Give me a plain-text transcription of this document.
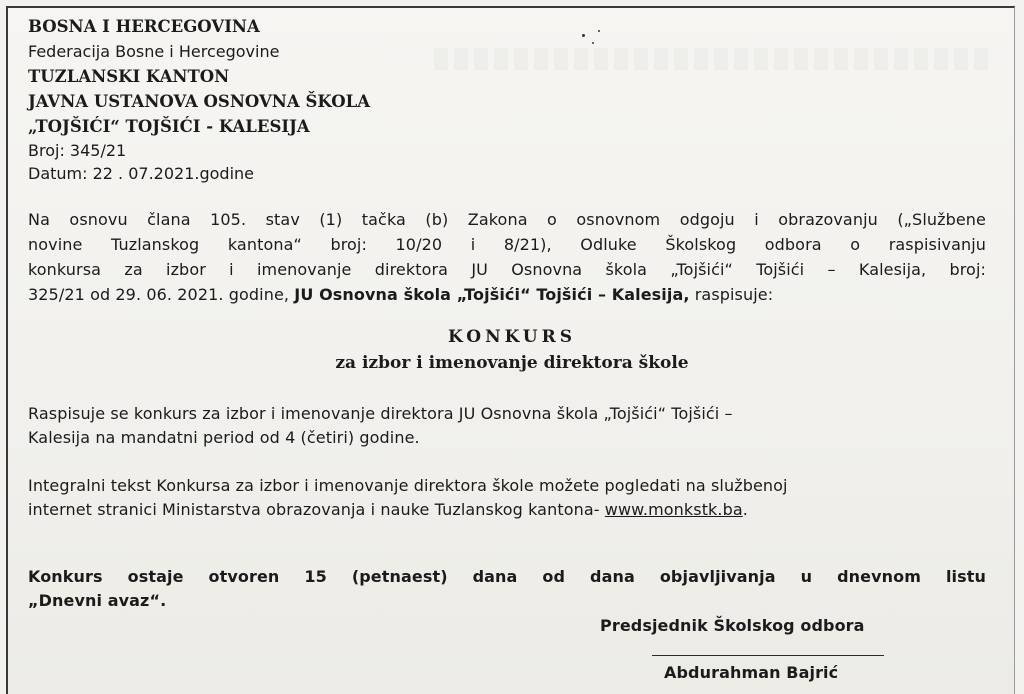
BOSNA I HERCEGOVINA
Federacija Bosne i Hercegovine
TUZLANSKI KANTON
JAVNA USTANOVA OSNOVNA ŠKOLA
„TOJŠIĆI“ TOJŠIĆI - KALESIJA
Broj: 345/21
Datum: 22 . 07.2021.godine
Na osnovu člana 105. stav (1) tačka (b) Zakona o osnovnom odgoju i obrazovanju („Službene
novine Tuzlanskog kantona“ broj: 10/20 i 8/21), Odluke Školskog odbora o raspisivanju
konkursa za izbor i imenovanje direktora JU Osnovna škola „Tojšići“ Tojšići – Kalesija, broj:
325/21 od 29. 06. 2021. godine, JU Osnovna škola „Tojšići“ Tojšići – Kalesija, raspisuje:
KONKURS
za izbor i imenovanje direktora škole
Raspisuje se konkurs za izbor i imenovanje direktora JU Osnovna škola „Tojšići“ Tojšići –
Kalesija na mandatni period od 4 (četiri) godine.
Integralni tekst Konkursa za izbor i imenovanje direktora škole možete pogledati na službenoj
internet stranici Ministarstva obrazovanja i nauke Tuzlanskog kantona- www.monkstk.ba.
Konkurs ostaje otvoren 15 (petnaest) dana od dana objavljivanja u dnevnom listu
„Dnevni avaz“.
Predsjednik Školskog odbora
Abdurahman Bajrić
